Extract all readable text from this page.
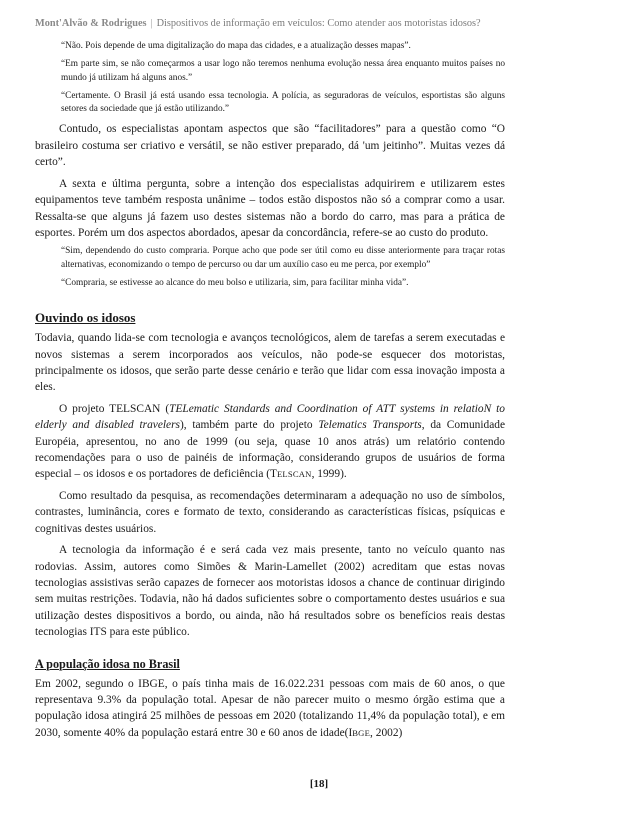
Mont'Alvão & Rodrigues | Dispositivos de informação em veículos: Como atender aos motoristas idosos?

“Não. Pois depende de uma digitalização do mapa das cidades, e a atualização desses mapas”.

“Em parte sim, se não começarmos a usar logo não teremos nenhuma evolução nessa área enquanto muitos países no mundo já utilizam há alguns anos.”

“Certamente. O Brasil já está usando essa tecnologia. A polícia, as seguradoras de veículos, esportistas são alguns setores da sociedade que já estão utilizando.”

Contudo, os especialistas apontam aspectos que são “facilitadores” para a questão como “O brasileiro costuma ser criativo e versátil, se não estiver preparado, dá 'um jeitinho”. Muitas vezes dá certo”.

A sexta e última pergunta, sobre a intenção dos especialistas adquirirem e utilizarem estes equipamentos teve também resposta unânime – todos estão dispostos não só a comprar como a usar. Ressalta-se que alguns já fazem uso destes sistemas não a bordo do carro, mas para a prática de esportes. Porém um dos aspectos abordados, apesar da concordância, refere-se ao custo do produto.

“Sim, dependendo do custo compraria. Porque acho que pode ser útil como eu disse anteriormente para traçar rotas alternativas, economizando o tempo de percurso ou dar um auxílio caso eu me perca, por exemplo”

“Compraria, se estivesse ao alcance do meu bolso e utilizaria, sim, para facilitar minha vida”.

Ouvindo os idosos

Todavia, quando lida-se com tecnologia e avanços tecnológicos, alem de tarefas a serem executadas e novos sistemas a serem incorporados aos veículos, não pode-se esquecer dos motoristas, principalmente os idosos, que serão parte desse cenário e terão que lidar com essa inovação imposta a eles.

O projeto TELSCAN (TELematic Standards and Coordination of ATT systems in relatioN to elderly and disabled travelers), também parte do projeto Telematics Transports, da Comunidade Européia, apresentou, no ano de 1999 (ou seja, quase 10 anos atrás) um relatório contendo recomendações para o uso de painéis de informação, considerando grupos de usuários de forma especial – os idosos e os portadores de deficiência (TELSCAN, 1999).

Como resultado da pesquisa, as recomendações determinaram a adequação no uso de símbolos, contrastes, luminância, cores e formato de texto, considerando as características físicas, psíquicas e cognitivas destes usuários.

A tecnologia da informação é e será cada vez mais presente, tanto no veículo quanto nas rodovias. Assim, autores como Simões & Marin-Lamellet (2002) acreditam que estas novas tecnologias assistivas serão capazes de fornecer aos motoristas idosos a chance de continuar dirigindo sem muitas restrições. Todavia, não há dados suficientes sobre o comportamento destes usuários e sua utilização destes dispositivos a bordo, ou ainda, não há resultados sobre os benefícios reais destas tecnologias ITS para este público.

A população idosa no Brasil

Em 2002, segundo o IBGE, o país tinha mais de 16.022.231 pessoas com mais de 60 anos, o que representava 9.3% da população total. Apesar de não parecer muito o mesmo órgão estima que a população idosa atingirá 25 milhões de pessoas em 2020 (totalizando 11,4% da população total), e em 2030, somente 40% da população estará entre 30 e 60 anos de idade(IBGE, 2002)

[18]
